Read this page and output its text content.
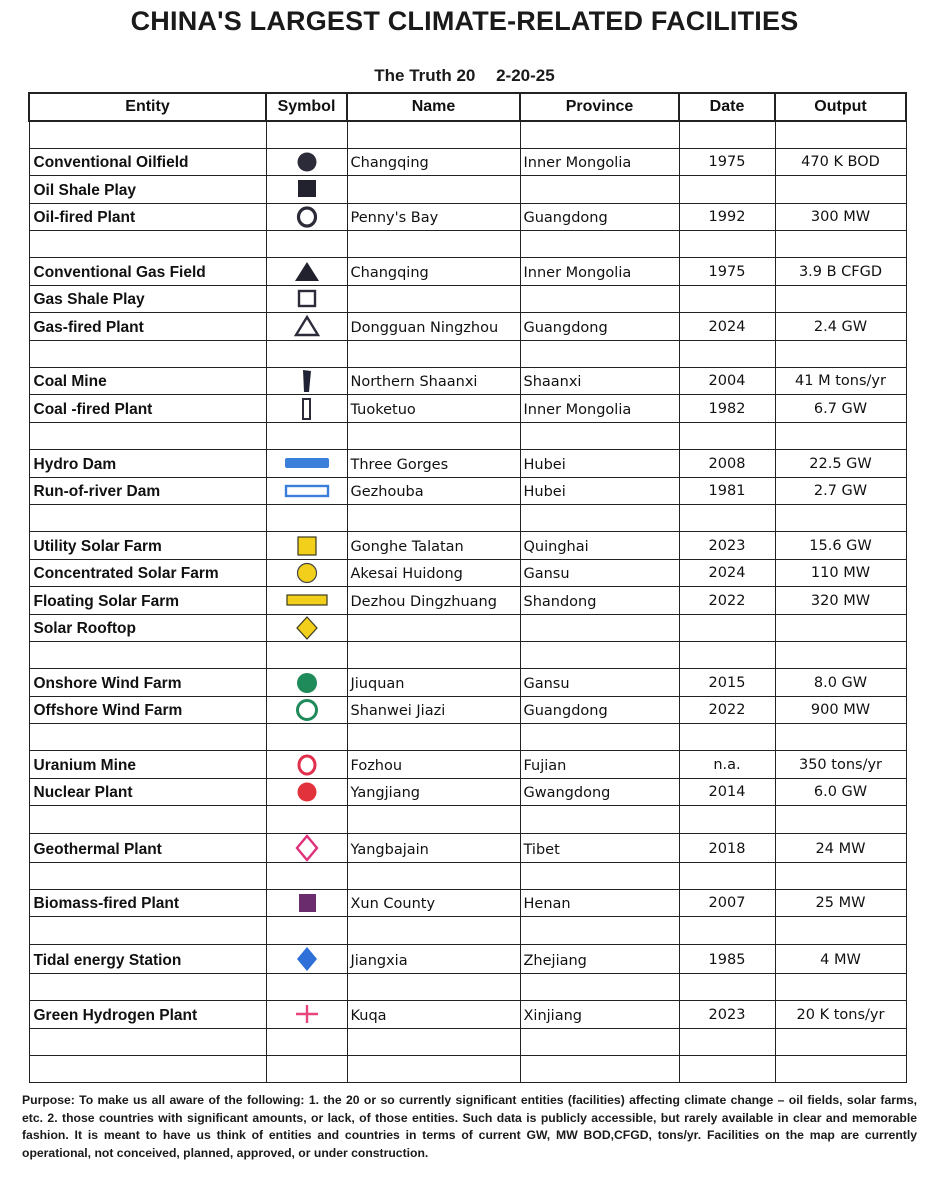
CHINA'S LARGEST CLIMATE-RELATED FACILITIES
The Truth 20 2-20-25
Entity	Symbol	Name	Province	Date	Output

Conventional Oilfield		Changqing	Inner Mongolia	1975	470 K BOD
Oil Shale Play	

Oil-fired Plant		Penny's Bay	Guangdong	1992	300 MW

Conventional Gas Field		Changqing	Inner Mongolia	1975	3.9 B CFGD
Gas Shale Play	

Gas-fired Plant		Dongguan Ningzhou	Guangdong	2024	2.4 GW

Coal Mine		Northern Shaanxi	Shaanxi	2004	41 M tons/yr
Coal -fired Plant		Tuoketuo	Inner Mongolia	1982	6.7 GW

Hydro Dam		Three Gorges	Hubei	2008	22.5 GW
Run-of-river Dam		Gezhouba	Hubei	1981	2.7 GW

Utility Solar Farm		Gonghe Talatan	Quinghai	2023	15.6 GW
Concentrated Solar Farm		Akesai Huidong	Gansu	2024	110 MW
Floating Solar Farm		Dezhou Dingzhuang	Shandong	2022	320 MW
Solar Rooftop	

Onshore Wind Farm		Jiuquan	Gansu	2015	8.0 GW
Offshore Wind Farm		Shanwei Jiazi	Guangdong	2022	900 MW

Uranium Mine		Fozhou	Fujian	n.a.	350 tons/yr
Nuclear Plant		Yangjiang	Gwangdong	2014	6.0 GW

Geothermal Plant		Yangbajain	Tibet	2018	24 MW

Biomass-fired Plant		Xun County	Henan	2007	25 MW

Tidal energy Station		Jiangxia	Zhejiang	1985	4 MW

Green Hydrogen Plant		Kuqa	Xinjiang	2023	20 K tons/yr

Purpose: To make us all aware of the following: 1. the 20 or so currently significant entities (facilities) affecting climate change – oil fields, solar farms, etc. 2. those countries with significant amounts, or lack, of those entities. Such data is publicly accessible, but rarely available in clear and memorable fashion. It is meant to have us think of entities and countries in terms of current GW, MW BOD,CFGD, tons/yr. Facilities on the map are currently operational, not conceived, planned, approved, or under construction.
